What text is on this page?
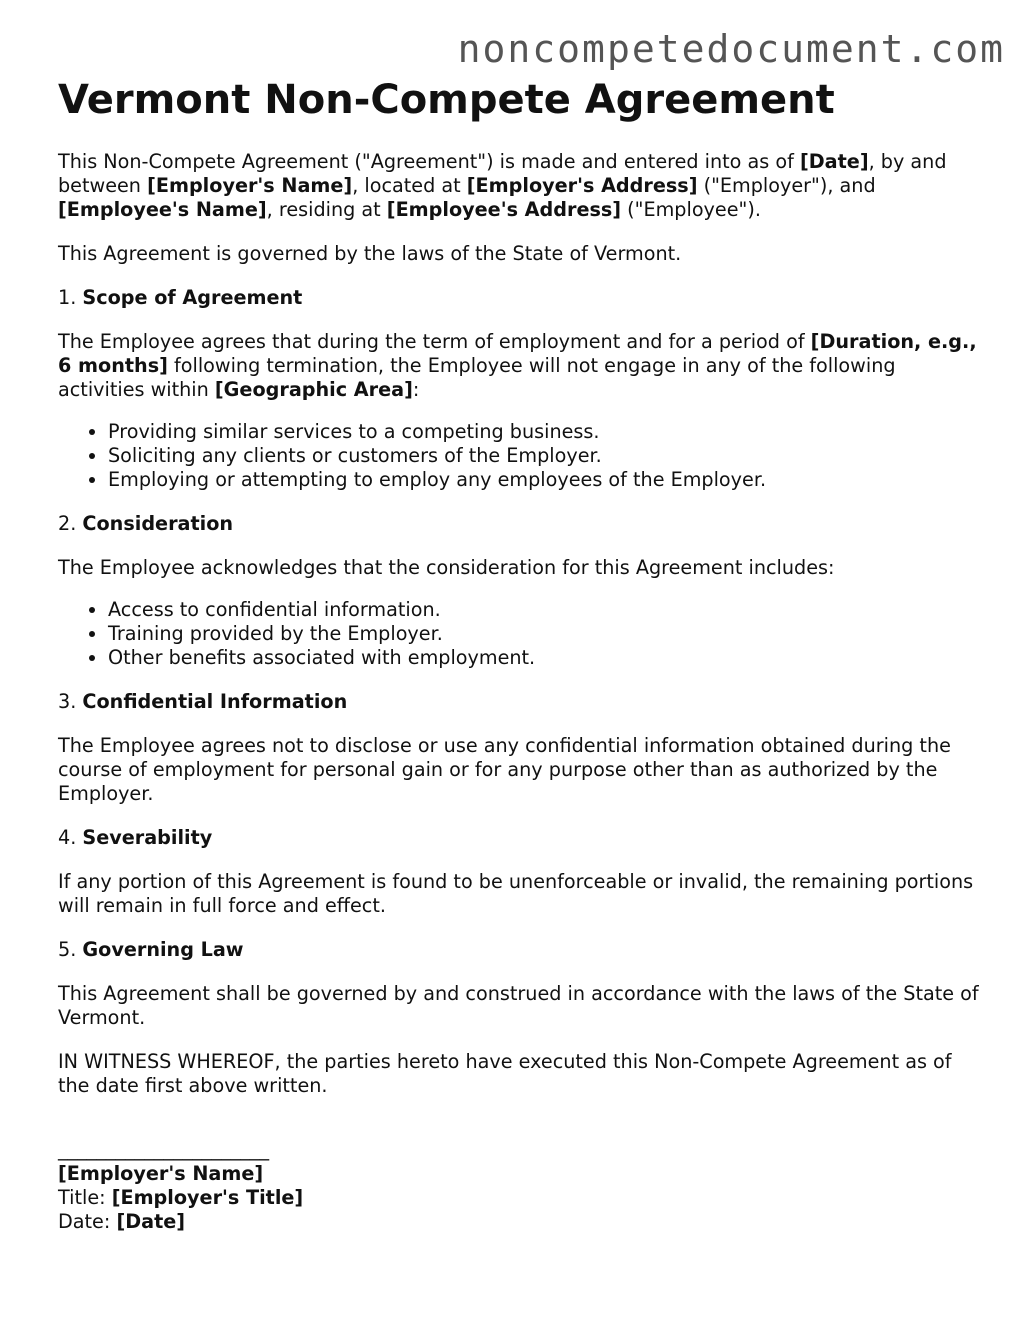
noncompetedocument.com
Vermont Non-Compete Agreement

This Non-Compete Agreement ("Agreement") is made and entered into as of [Date], by and between [Employer's Name], located at [Employer's Address] ("Employer"), and [Employee's Name], residing at [Employee's Address] ("Employee").

This Agreement is governed by the laws of the State of Vermont.

1. Scope of Agreement

The Employee agrees that during the term of employment and for a period of [Duration, e.g., 6 months] following termination, the Employee will not engage in any of the following activities within [Geographic Area]:

• Providing similar services to a competing business.
• Soliciting any clients or customers of the Employer.
• Employing or attempting to employ any employees of the Employer.

2. Consideration

The Employee acknowledges that the consideration for this Agreement includes:

• Access to confidential information.
• Training provided by the Employer.
• Other benefits associated with employment.

3. Confidential Information

The Employee agrees not to disclose or use any confidential information obtained during the course of employment for personal gain or for any purpose other than as authorized by the Employer.

4. Severability

If any portion of this Agreement is found to be unenforceable or invalid, the remaining portions will remain in full force and effect.

5. Governing Law

This Agreement shall be governed by and construed in accordance with the laws of the State of Vermont.

IN WITNESS WHEREOF, the parties hereto have executed this Non-Compete Agreement as of the date first above written.

______________________

[Employer's Name]

Title: [Employer's Title]

Date: [Date]
